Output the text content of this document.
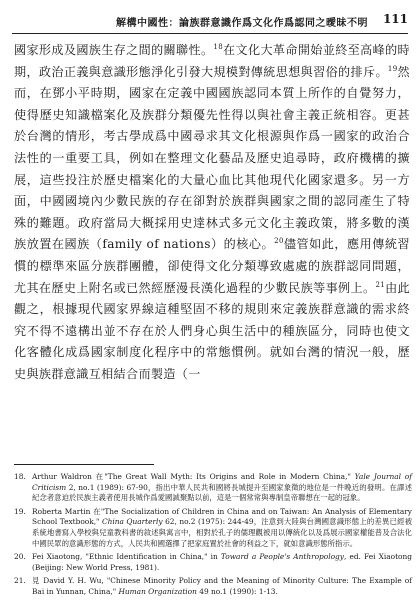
解構中國性：論族群意識作爲文化作爲認同之曖昧不明 111
國家形成及國族生存之間的關聯性。$^{18}$在文化大革命開始並終至高峰的時期，政治正義與意識形態淨化引發大規模對傳統思想與習俗的排斥。$^{19}$然而，在鄧小平時期，國家在定義中國國族認同本質上所作的自覺努力，使得歷史知識檔案化及族群分類優先性得以與社會主義正統相容。更甚於台灣的情形，考古學成爲中國尋求其文化根源與作爲一國家的政治合法性的一重要工具，例如在整理文化藝品及歷史追尋時，政府機構的擴展，這些投注於歷史檔案化的大量心血比其他現代化國家還多。另一方面，中國國境內少數民族的存在卻對於族群與國家之間的認同產生了特殊的難題。政府當局大概採用史達林式多元文化主義政策，將多數的漢族放置在國族（family of nations）的核心。$^{20}$儘管如此，應用傳統習慣的標準來區分族群團體，卻使得文化分類導致處處的族群認同問題，尤其在歷史上附名或已然經歷漫長漢化過程的少數民族等事例上。$^{21}$由此觀之，根據現代國家界線這種堅固不移的規則來定義族群意識的需求終究不得不遠構出並不存在於人們身心與生活中的種族區分，同時也使文化客體化成爲國家制度化程序中的常態慣例。就如台灣的情況一般，歷史與族群意識互相結合而製造（一
18. Arthur Waldron 在"The Great Wall Myth: Its Origins and Role in Modern China," Yale Journal of Criticism 2, no.1 (1989): 67-90，指出中華人民共和國將長城提升至國家象徵的地位是一件晚近的發明。在譯述紀念者意迫於民族主義者使用長城作爲愛國誠聚點以前，這是一個常常與專制皇帝聯想在一起的冠象。
19. Roberta Martin 在"The Socialization of Children in China and on Taiwan: An Analysis of Elementary School Textbook," China Quarterly 62, no.2 (1975): 244-49，注意到大陸與台灣國意識形態上的差異已經被系統地書寫入學校與兒童教科書的敘述與寓言中，相對於孔子的儒理觀被用以傳統化以及爲展示國家權能普及合法化中國民眾的意識形態的方式，人民共和國選擇了把家庭置於社會的利益之下，就如意識形態所指示。
20. Fei Xiaotong, "Ethnic Identification in China," in Toward a People's Anthropology, ed. Fei Xiaotong (Beijing: New World Press, 1981).
21. 見 David Y. H. Wu, "Chinese Minority Policy and the Meaning of Minority Culture: The Example of Bai in Yunnan, China," Human Organization 49 no.1 (1990): 1-13.
